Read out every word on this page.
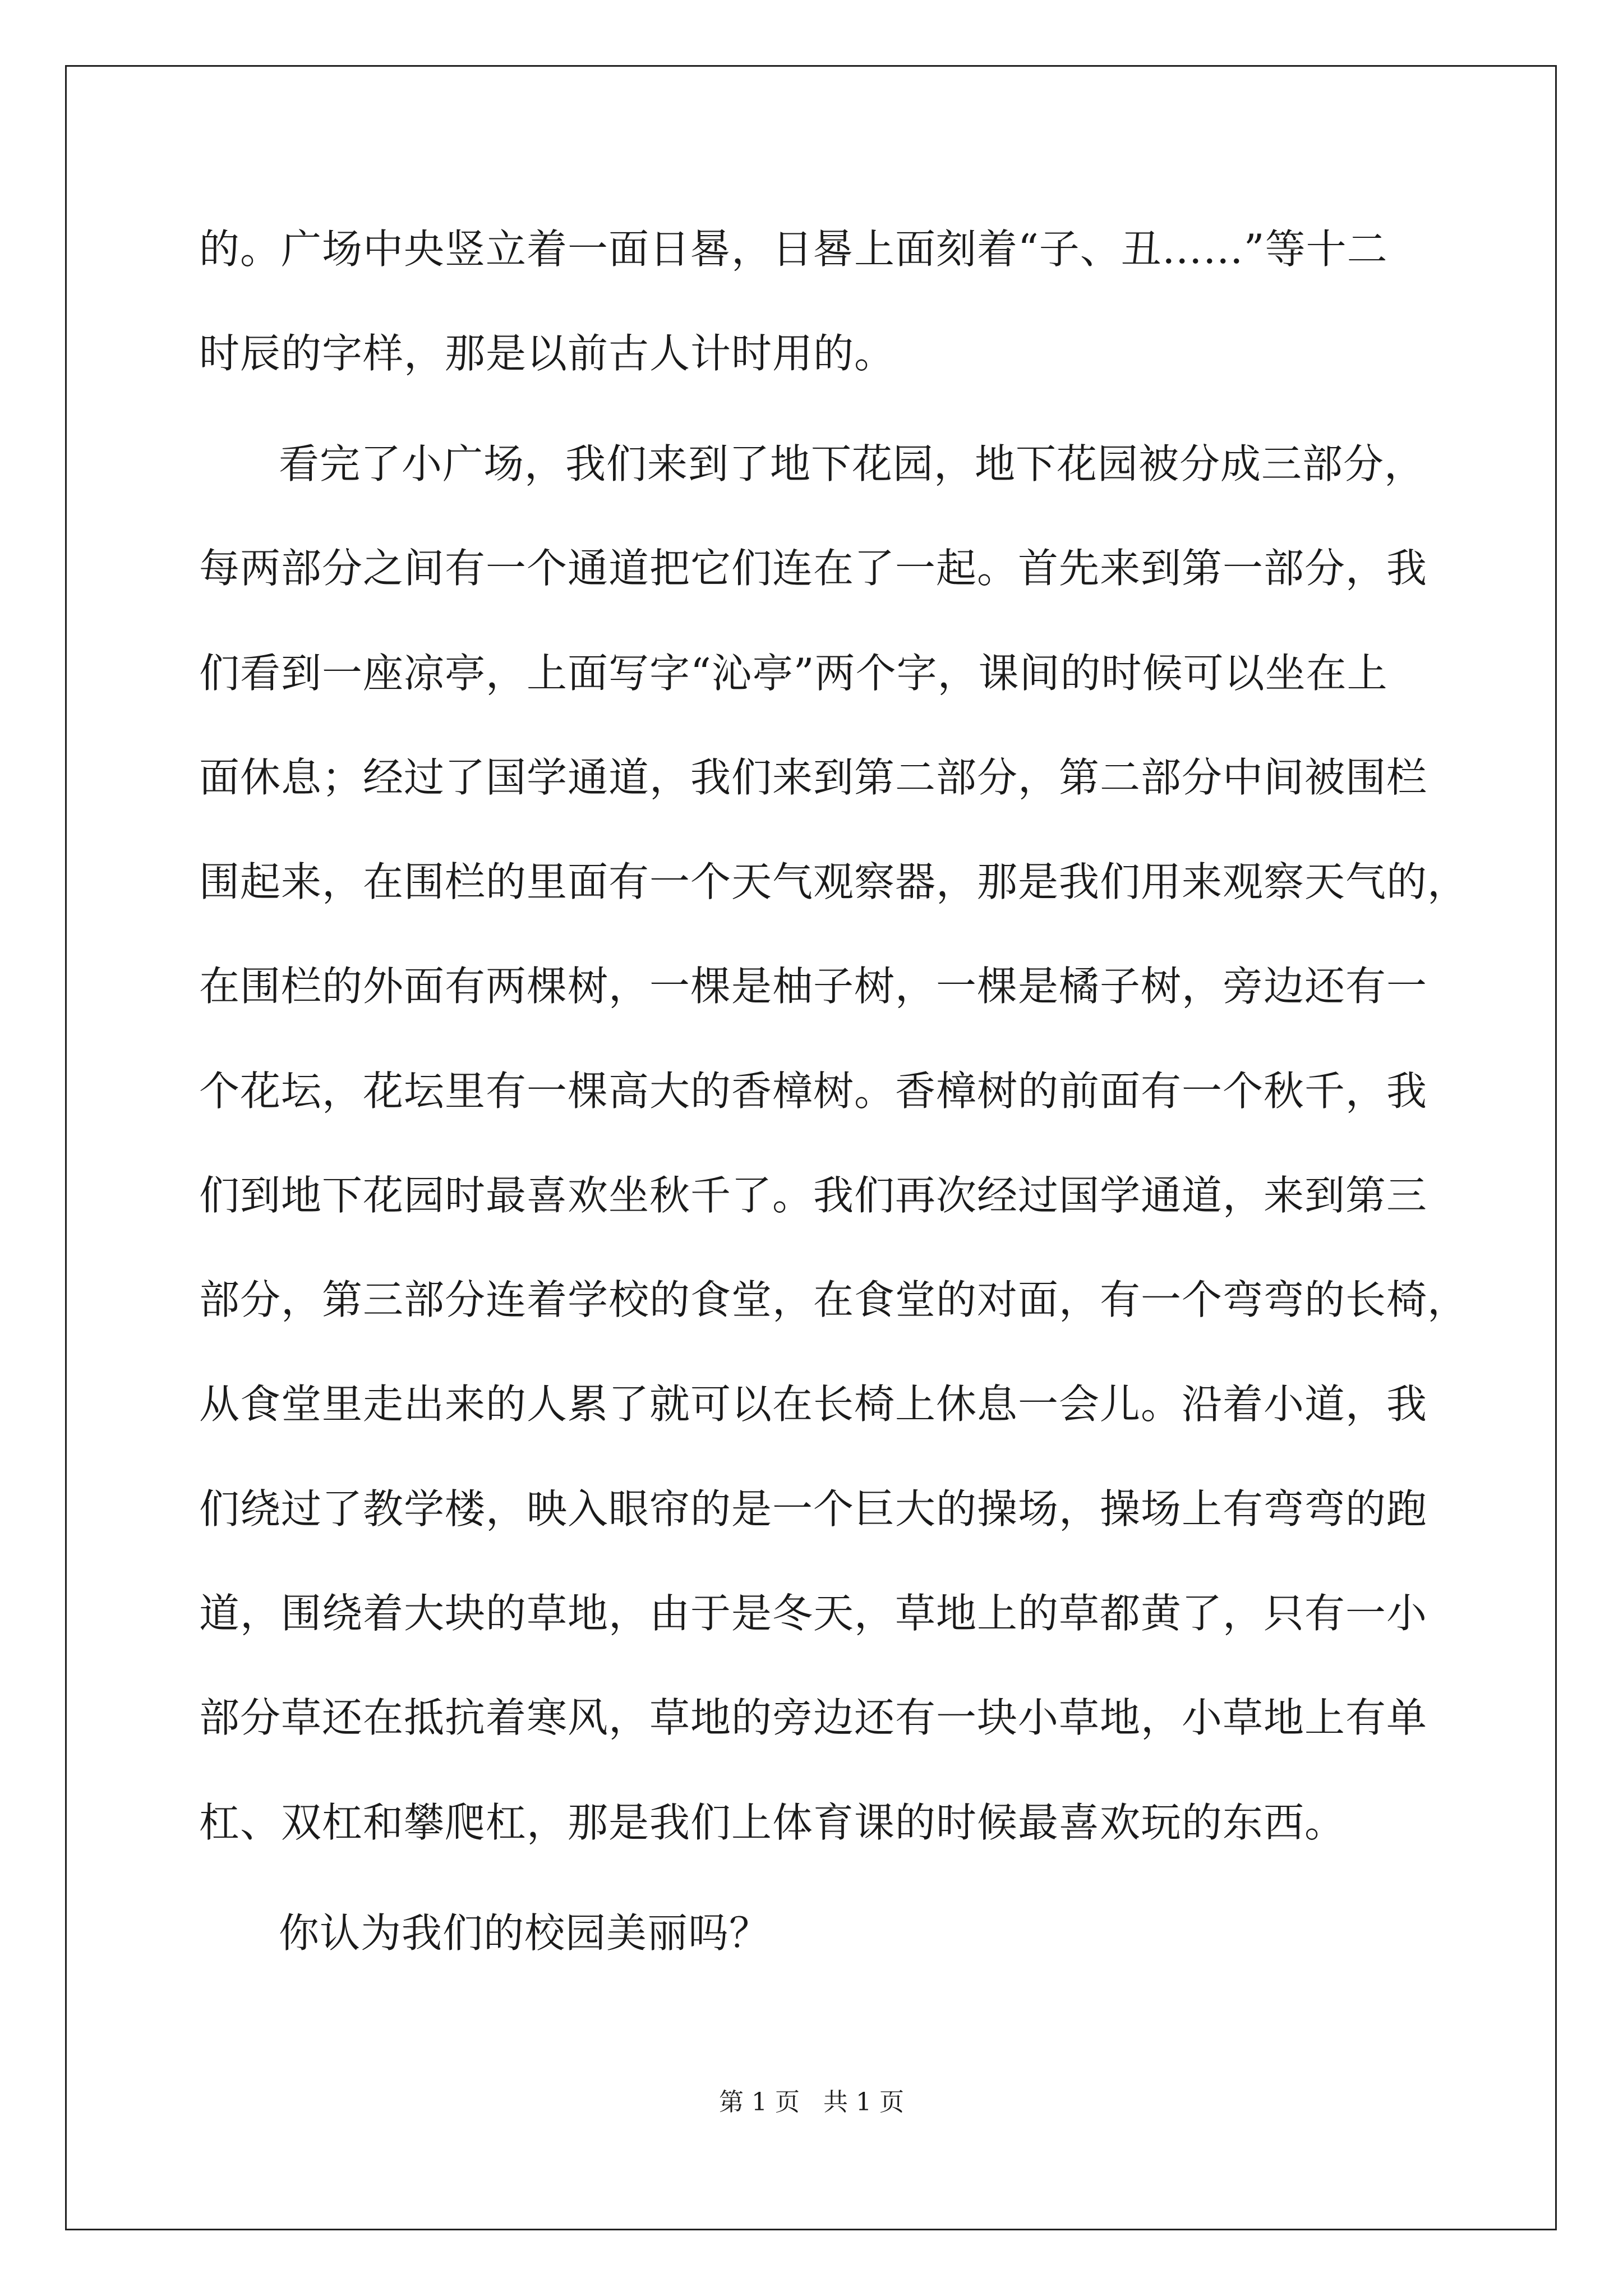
的。广场中央竖立着一面日晷，日晷上面刻着“子、丑……”等十二
时辰的字样，那是以前古人计时用的。
看完了小广场，我们来到了地下花园，地下花园被分成三部分，
每两部分之间有一个通道把它们连在了一起。首先来到第一部分，我
们看到一座凉亭，上面写字“沁亭”两个字，课间的时候可以坐在上
面休息；经过了国学通道，我们来到第二部分，第二部分中间被围栏
围起来，在围栏的里面有一个天气观察器，那是我们用来观察天气的，
在围栏的外面有两棵树，一棵是柚子树，一棵是橘子树，旁边还有一
个花坛，花坛里有一棵高大的香樟树。香樟树的前面有一个秋千，我
们到地下花园时最喜欢坐秋千了。我们再次经过国学通道，来到第三
部分，第三部分连着学校的食堂，在食堂的对面，有一个弯弯的长椅，
从食堂里走出来的人累了就可以在长椅上休息一会儿。沿着小道，我
们绕过了教学楼，映入眼帘的是一个巨大的操场，操场上有弯弯的跑
道，围绕着大块的草地，由于是冬天，草地上的草都黄了，只有一小
部分草还在抵抗着寒风，草地的旁边还有一块小草地，小草地上有单
杠、双杠和攀爬杠，那是我们上体育课的时候最喜欢玩的东西。
你认为我们的校园美丽吗？
第 1 页   共 1 页
